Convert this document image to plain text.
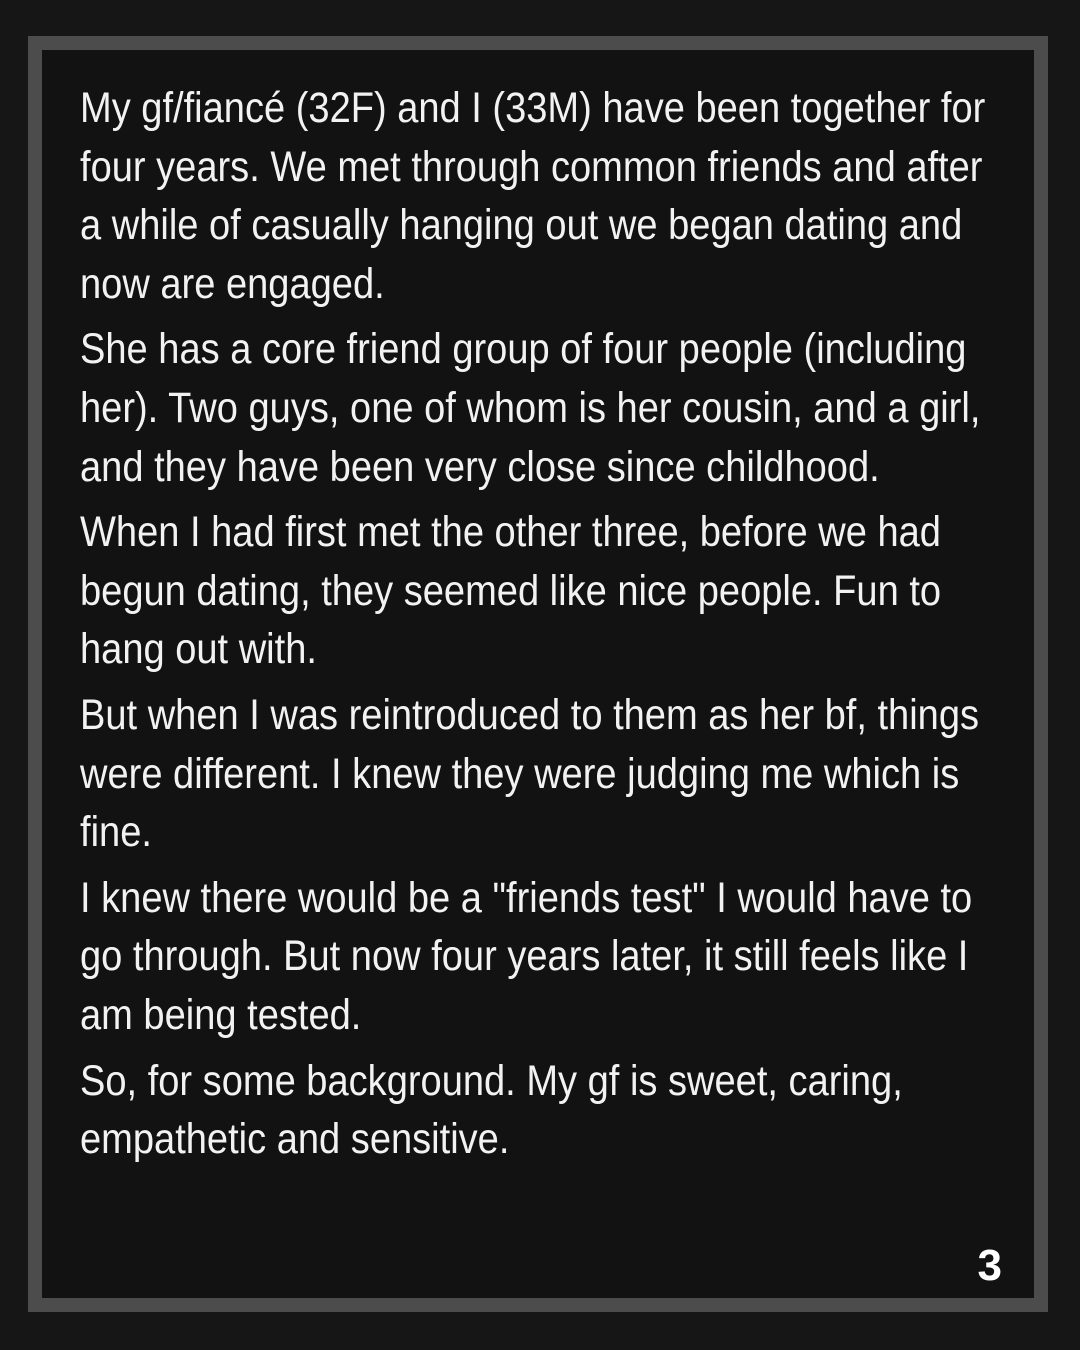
My gf/fiancé (32F) and I (33M) have been together for four years. We met through common friends and after a while of casually hanging out we began dating and now are engaged.

She has a core friend group of four people (including her). Two guys, one of whom is her cousin, and a girl, and they have been very close since childhood.

When I had first met the other three, before we had begun dating, they seemed like nice people. Fun to hang out with.

But when I was reintroduced to them as her bf, things were different. I knew they were judging me which is fine.

I knew there would be a "friends test" I would have to go through. But now four years later, it still feels like I am being tested.

So, for some background. My gf is sweet, caring, empathetic and sensitive.

3
